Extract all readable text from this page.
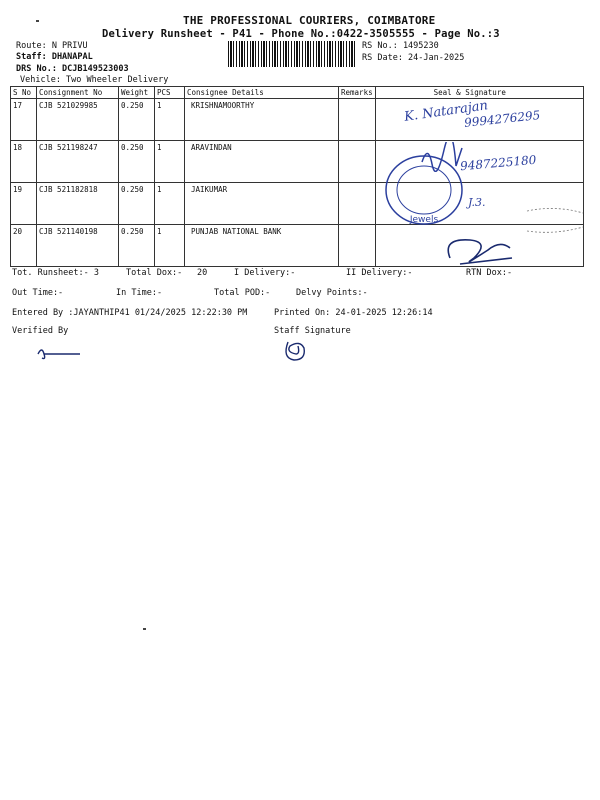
THE PROFESSIONAL COURIERS, COIMBATORE
Delivery Runsheet - P41 - Phone No.:0422-3505555 - Page No.:3
Route: N PRIVU
Staff: DHANAPAL
DRS No.: DCJB149523003
Vehicle: Two Wheeler Delivery
RS No.: 1495230
RS Date: 24-Jan-2025
S No	Consignment No	Weight	PCS	Consignee Details	Remarks	Seal & Signature
17	CJB 521029985	0.250	1	KRISHNAMOORTHY		
18	CJB 521198247	0.250	1	ARAVINDAN		
19	CJB 521182818	0.250	1	JAIKUMAR		
20	CJB 521140198	0.250	1	PUNJAB NATIONAL BANK		
K. Natarajan
9994276295
9487225180
J.3.
Jewels
Tot. Runsheet:- 3	Total Dox:- 20	I Delivery:-	II Delivery:-	RTN Dox:-
Out Time:-	In Time:-	Total POD:-	Delvy Points:-
Entered By :JAYANTHIP41 01/24/2025 12:22:30 PM	Printed On: 24-01-2025 12:26:14
Verified By	Staff Signature
